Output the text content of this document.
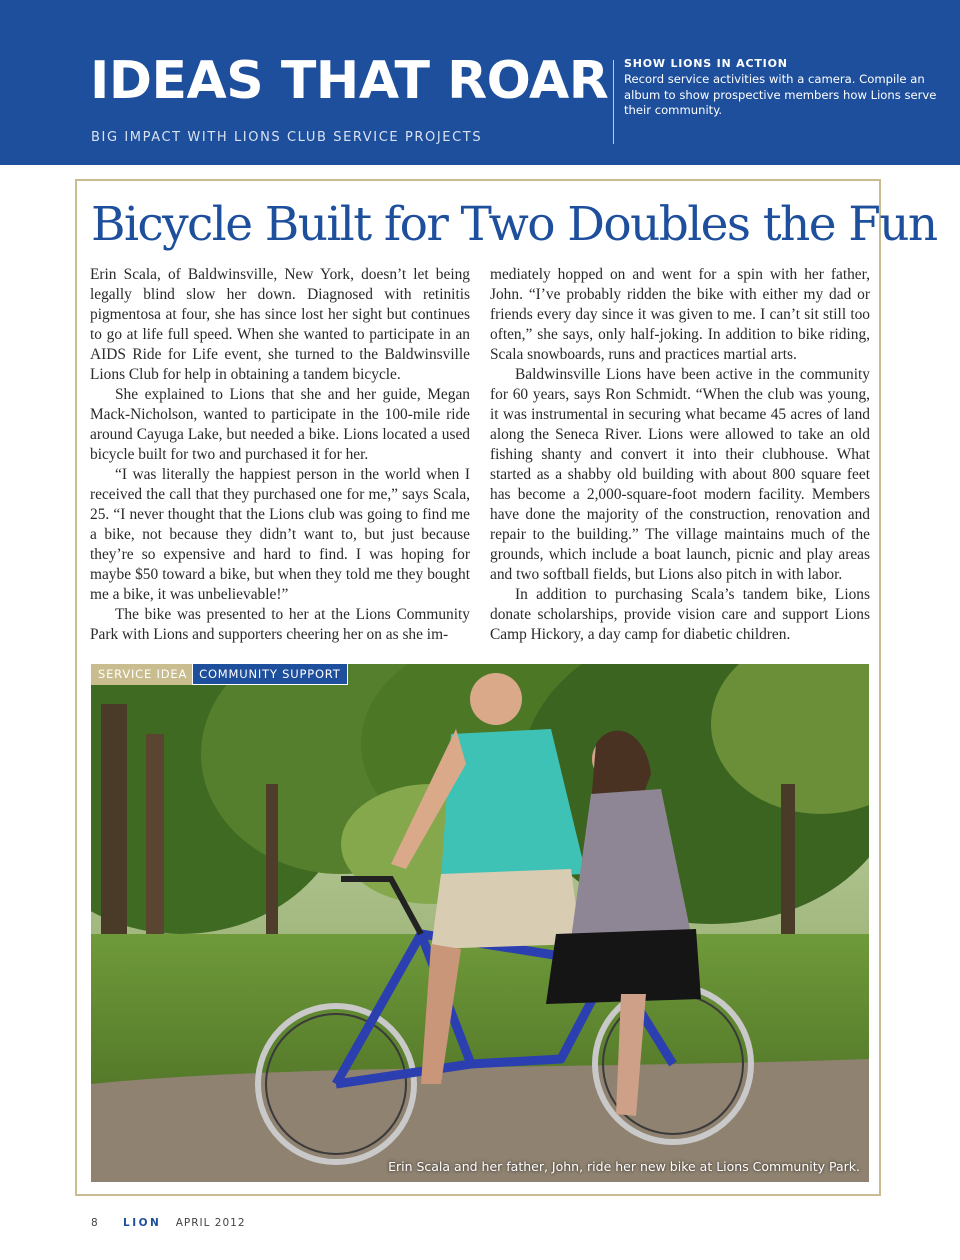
IDEAS THAT ROAR
BIG IMPACT WITH LIONS CLUB SERVICE PROJECTS
SHOW LIONS IN ACTION
Record service activities with a camera. Compile an album to show prospective members how Lions serve their community.
Bicycle Built for Two Doubles the Fun

Erin Scala, of Baldwinsville, New York, doesn’t let being legally blind slow her down. Diagnosed with retinitis pigmentosa at four, she has since lost her sight but continues to go at life full speed. When she wanted to participate in an AIDS Ride for Life event, she turned to the Baldwinsville Lions Club for help in obtaining a tandem bicycle.

She explained to Lions that she and her guide, Megan Mack-Nicholson, wanted to participate in the 100-mile ride around Cayuga Lake, but needed a bike. Lions located a used bicycle built for two and purchased it for her.

“I was literally the happiest person in the world when I received the call that they purchased one for me,” says Scala, 25. “I never thought that the Lions club was going to find me a bike, not because they didn’t want to, but just because they’re so expensive and hard to find. I was hoping for maybe $50 toward a bike, but when they told me they bought me a bike, it was unbelievable!”

The bike was presented to her at the Lions Community Park with Lions and supporters cheering her on as she im-

mediately hopped on and went for a spin with her father, John. “I’ve probably ridden the bike with either my dad or friends every day since it was given to me. I can’t sit still too often,” she says, only half-joking. In addition to bike riding, Scala snowboards, runs and practices martial arts.

Baldwinsville Lions have been active in the community for 60 years, says Ron Schmidt. “When the club was young, it was instrumental in securing what became 45 acres of land along the Seneca River. Lions were allowed to take an old fishing shanty and convert it into their clubhouse. What started as a shabby old building with about 800 square feet has become a 2,000-square-foot modern facility. Members have done the majority of the construction, renovation and repair to the building.” The village maintains much of the grounds, which include a boat launch, picnic and play areas and two softball fields, but Lions also pitch in with labor.

In addition to purchasing Scala’s tandem bike, Lions donate scholarships, provide vision care and support Lions Camp Hickory, a day camp for diabetic children.

SERVICE IDEA	COMMUNITY SUPPORT
Erin Scala and her father, John, ride her new bike at Lions Community Park.
8 LION APRIL 2012
